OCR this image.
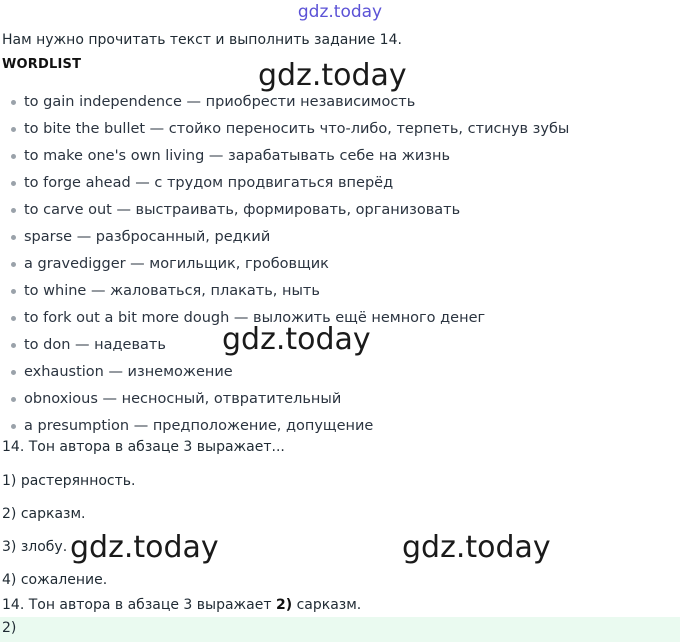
gdz.today
Нам нужно прочитать текст и выполнить задание 14.
WORDLIST
to gain independence — приобрести независимость
to bite the bullet — стойко переносить что-либо, терпеть, стиснув зубы
to make one's own living — зарабатывать себе на жизнь
to forge ahead — с трудом продвигаться вперёд
to carve out — выстраивать, формировать, организовать
sparse — разбросанный, редкий
a gravedigger — могильщик, гробовщик
to whine — жаловаться, плакать, ныть
to fork out a bit more dough — выложить ещё немного денег
to don — надевать
exhaustion — изнеможение
obnoxious — несносный, отвратительный
a presumption — предположение, допущение
14. Тон автора в абзаце 3 выражает...
1) растерянность.
2) сарказм.
3) злобу.
4) сожаление.
14. Тон автора в абзаце 3 выражает 2) сарказм.
2)
gdz.today
gdz.today
gdz.today	gdz.today
